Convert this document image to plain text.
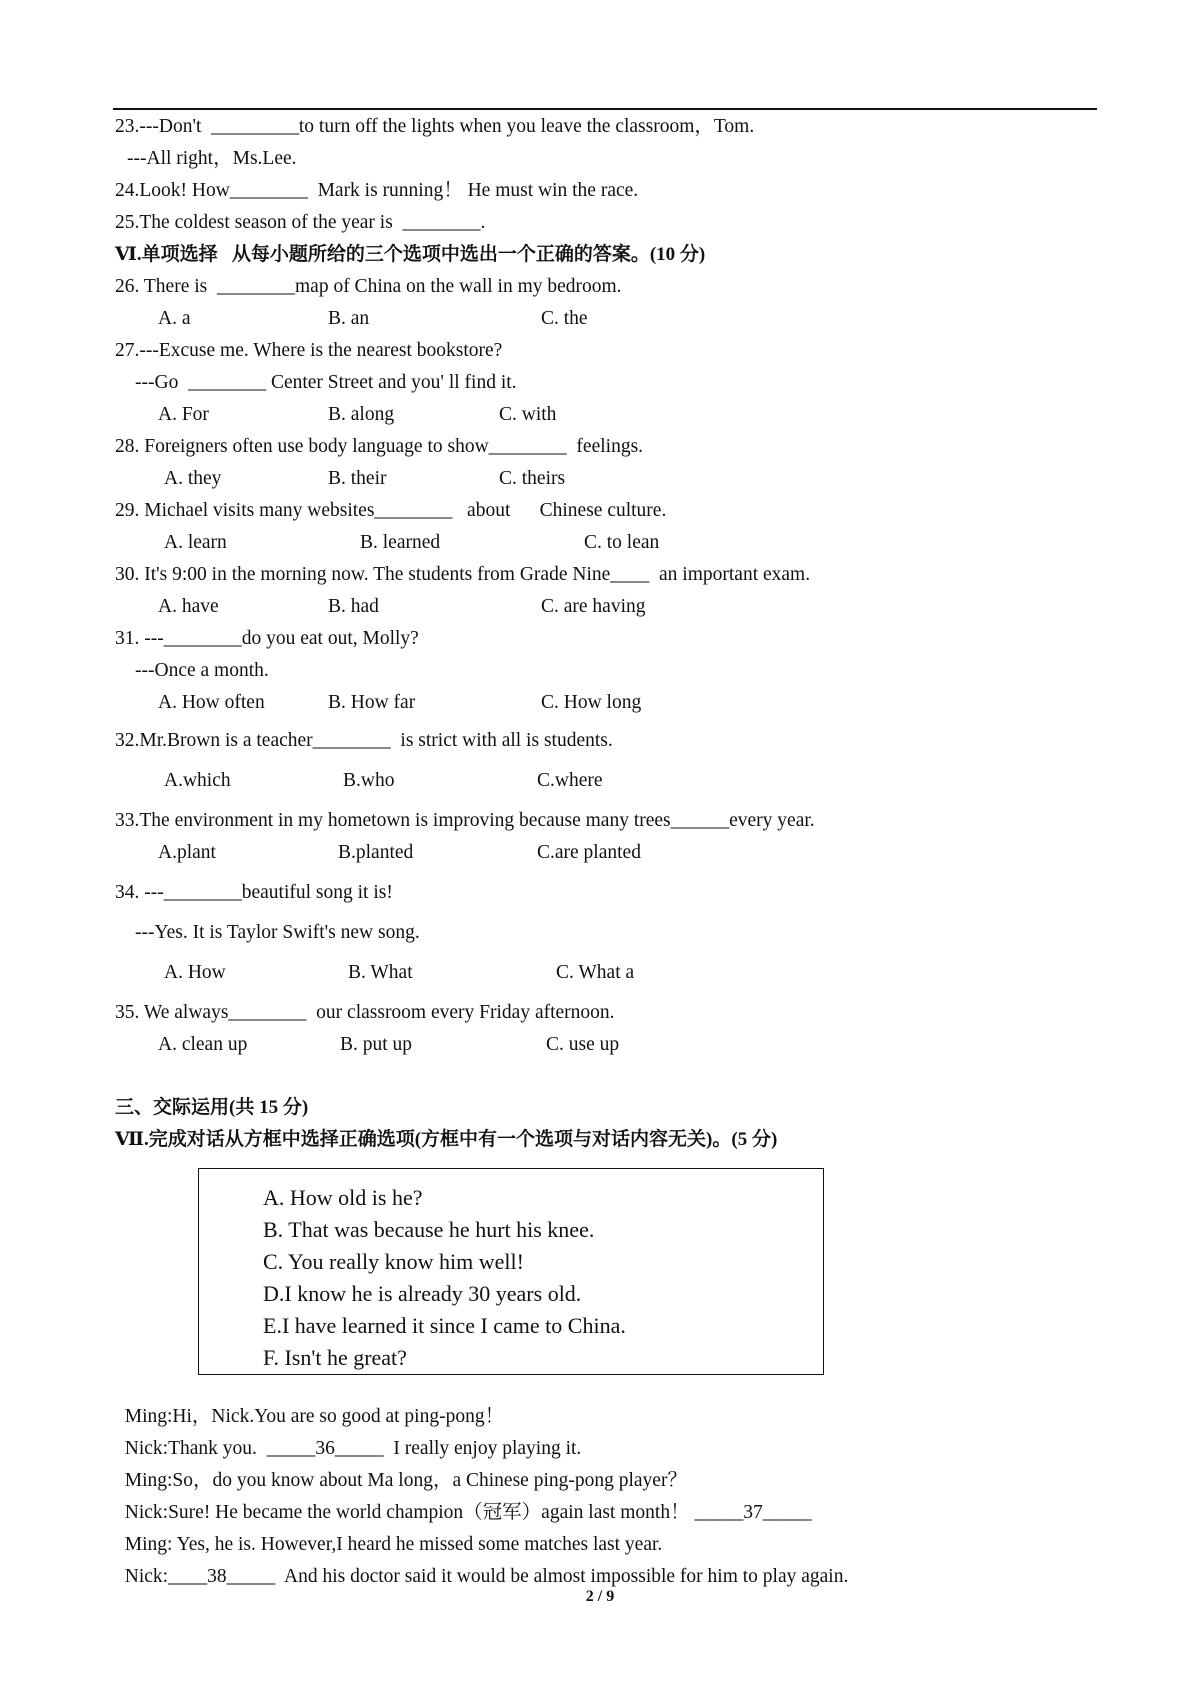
23.---Don't  _________to turn off the lights when you leave the classroom，Tom.
---All right，Ms.Lee.
24.Look! How________  Mark is running！ He must win the race.
25.The coldest season of the year is  ________.
Ⅵ.单项选择   从每小题所给的三个选项中选出一个正确的答案。(10 分)
26. There is  ________map of China on the wall in my bedroom.
A. a	B. an	C. the
27.---Excuse me. Where is the nearest bookstore?
---Go  ________ Center Street and you' ll find it.
A. For	B. along	C. with
28. Foreigners often use body language to show________  feelings.
A. they	B. their	C. theirs
29. Michael visits many websites________   about      Chinese culture.
A. learn	B. learned	C. to lean
30. It's 9:00 in the morning now. The students from Grade Nine____  an important exam.
A. have	B. had	C. are having
31. ---________do you eat out, Molly?
---Once a month.
A. How often	B. How far	C. How long
32.Mr.Brown is a teacher________  is strict with all is students.
A.which	B.who	C.where
33.The environment in my hometown is improving because many trees______every year.
A.plant	B.planted	C.are planted
34. ---________beautiful song it is!
---Yes. It is Taylor Swift's new song.
A. How	B. What	C. What a
35. We always________  our classroom every Friday afternoon.
A. clean up	B. put up	C. use up
三、交际运用(共 15 分)
Ⅶ.完成对话从方框中选择正确选项(方框中有一个选项与对话内容无关)。(5 分)
A. How old is he?
B. That was because he hurt his knee.
C. You really know him well!
D.I know he is already 30 years old.
E.I have learned it since I came to China.
F. Isn't he great?

Ming:Hi，Nick.You are so good at ping-pong！

Nick:Thank you.  _____36_____  I really enjoy playing it.

Ming:So，do you know about Ma long，a Chinese ping-pong player？

Nick:Sure! He became the world champion（冠军）again last month！ _____37_____

Ming: Yes, he is. However,I heard he missed some matches last year.

Nick:____38_____  And his doctor said it would be almost impossible for him to play again.

2 / 9
